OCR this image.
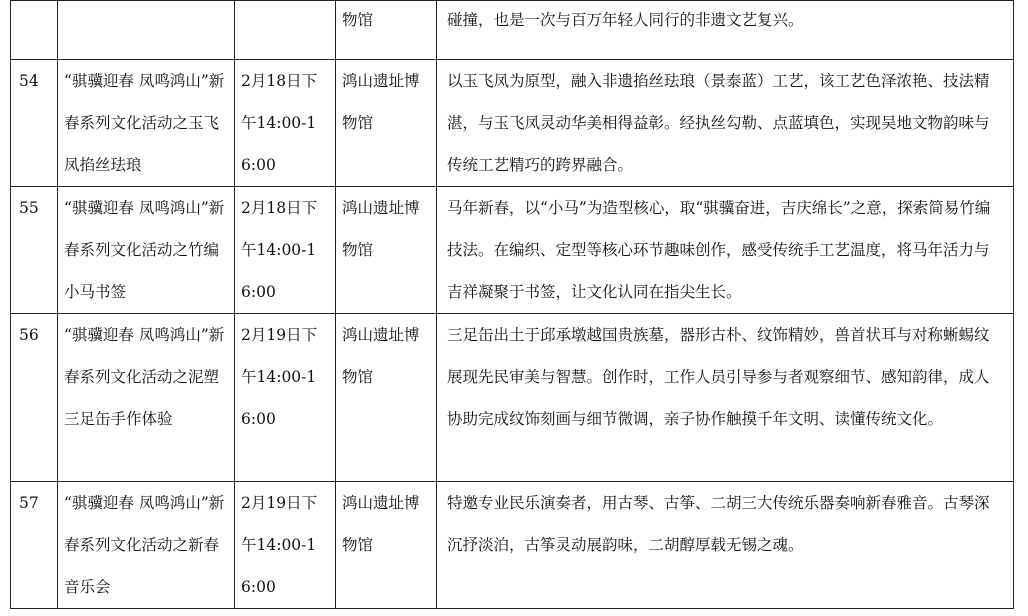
			物馆	碰撞，也是一次与百万年轻人同行的非遗文艺复兴。
54	“骐骥迎春 凤鸣鸿山”新春系列文化活动之玉飞凤掐丝珐琅	2月18日下午14:00-16:00	鸿山遗址博物馆	以玉飞凤为原型，融入非遗掐丝珐琅（景泰蓝）工艺，该工艺色泽浓艳、技法精湛，与玉飞凤灵动华美相得益彰。经执丝勾勒、点蓝填色，实现吴地文物韵味与传统工艺精巧的跨界融合。
55	“骐骥迎春 凤鸣鸿山”新春系列文化活动之竹编小马书签	2月18日下午14:00-16:00	鸿山遗址博物馆	马年新春，以“小马”为造型核心，取“骐骥奋进，吉庆绵长”之意，探索简易竹编技法。在编织、定型等核心环节趣味创作，感受传统手工艺温度，将马年活力与吉祥凝聚于书签，让文化认同在指尖生长。
56	“骐骥迎春 凤鸣鸿山”新春系列文化活动之泥塑三足缶手作体验	2月19日下午14:00-16:00	鸿山遗址博物馆	三足缶出土于邱承墩越国贵族墓，器形古朴、纹饰精妙，兽首状耳与对称蜥蜴纹展现先民审美与智慧。创作时，工作人员引导参与者观察细节、感知韵律，成人协助完成纹饰刻画与细节微调，亲子协作触摸千年文明、读懂传统文化。
57	“骐骥迎春 凤鸣鸿山”新春系列文化活动之新春音乐会	2月19日下午14:00-16:00	鸿山遗址博物馆	特邀专业民乐演奏者，用古琴、古筝、二胡三大传统乐器奏响新春雅音。古琴深沉抒淡泊，古筝灵动展韵味，二胡醇厚载无锡之魂。
